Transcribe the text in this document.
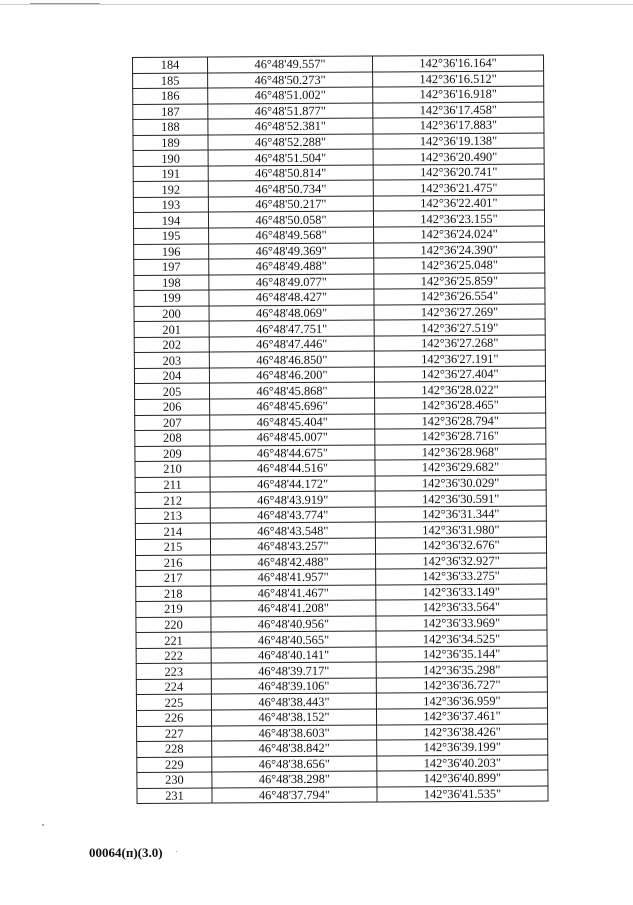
184	46°48'49.557"	142°36'16.164"
185	46°48'50.273"	142°36'16.512"
186	46°48'51.002"	142°36'16.918"
187	46°48'51.877"	142°36'17.458"
188	46°48'52.381"	142°36'17.883"
189	46°48'52.288"	142°36'19.138"
190	46°48'51.504"	142°36'20.490"
191	46°48'50.814"	142°36'20.741"
192	46°48'50.734"	142°36'21.475"
193	46°48'50.217"	142°36'22.401"
194	46°48'50.058"	142°36'23.155"
195	46°48'49.568"	142°36'24.024"
196	46°48'49.369"	142°36'24.390"
197	46°48'49.488"	142°36'25.048"
198	46°48'49.077"	142°36'25.859"
199	46°48'48.427"	142°36'26.554"
200	46°48'48.069"	142°36'27.269"
201	46°48'47.751"	142°36'27.519"
202	46°48'47.446"	142°36'27.268"
203	46°48'46.850"	142°36'27.191"
204	46°48'46.200"	142°36'27.404"
205	46°48'45.868"	142°36'28.022"
206	46°48'45.696"	142°36'28.465"
207	46°48'45.404"	142°36'28.794"
208	46°48'45.007"	142°36'28.716"
209	46°48'44.675"	142°36'28.968"
210	46°48'44.516"	142°36'29.682"
211	46°48'44.172"	142°36'30.029"
212	46°48'43.919"	142°36'30.591"
213	46°48'43.774"	142°36'31.344"
214	46°48'43.548"	142°36'31.980"
215	46°48'43.257"	142°36'32.676"
216	46°48'42.488"	142°36'32.927"
217	46°48'41.957"	142°36'33.275"
218	46°48'41.467"	142°36'33.149"
219	46°48'41.208"	142°36'33.564"
220	46°48'40.956"	142°36'33.969"
221	46°48'40.565"	142°36'34.525"
222	46°48'40.141"	142°36'35.144"
223	46°48'39.717"	142°36'35.298"
224	46°48'39.106"	142°36'36.727"
225	46°48'38.443"	142°36'36.959"
226	46°48'38.152"	142°36'37.461"
227	46°48'38.603"	142°36'38.426"
228	46°48'38.842"	142°36'39.199"
229	46°48'38.656"	142°36'40.203"
230	46°48'38.298"	142°36'40.899"
231	46°48'37.794"	142°36'41.535"
00064(п)(3.0)
